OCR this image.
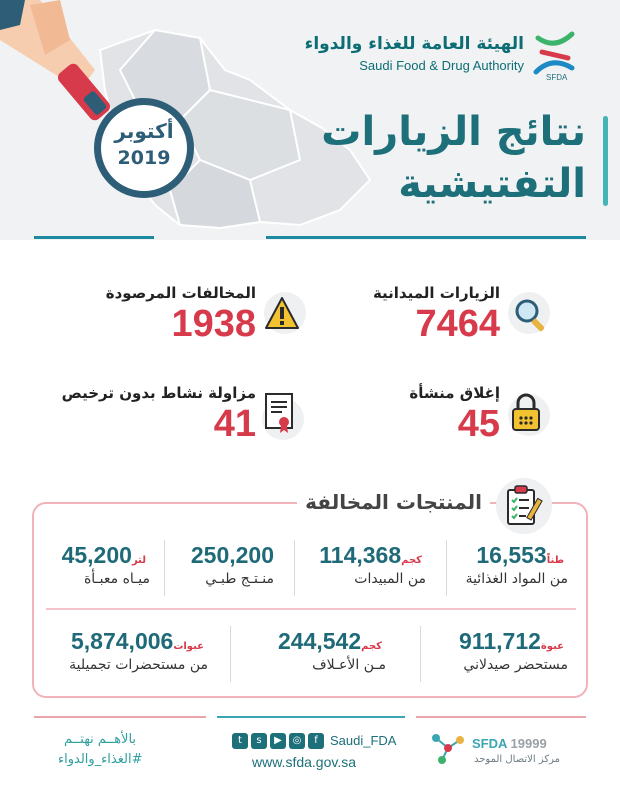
أكتوبر
2019
الهيئة العامة للغذاء والدواء
Saudi Food & Drug Authority
SFDA
نتائج الزيارات
التفتيشية
الزيارات الميدانية
7464
المخالفات المرصودة
1938
إغلاق منشأة
45
مزاولة نشاط بدون ترخيص
41
المنتجات المخالفة
طناً16,553
من المواد الغذائية
كجم114,368
من المبيدات
250,200
منـتـج طبـي
لتر45,200
ميـاه معبـأة
عبوة911,712
مستحضر صيدلاني
كجم244,542
مـن الأعـلاف
عبوات5,874,006
من مستحضرات تجميلية
بالأهــم نهتــم
#الغذاء_والدواء
t s ▶ ◎ f Saudi_FDA
www.sfda.gov.sa
SFDA 19999
مركز الاتصال الموحد
